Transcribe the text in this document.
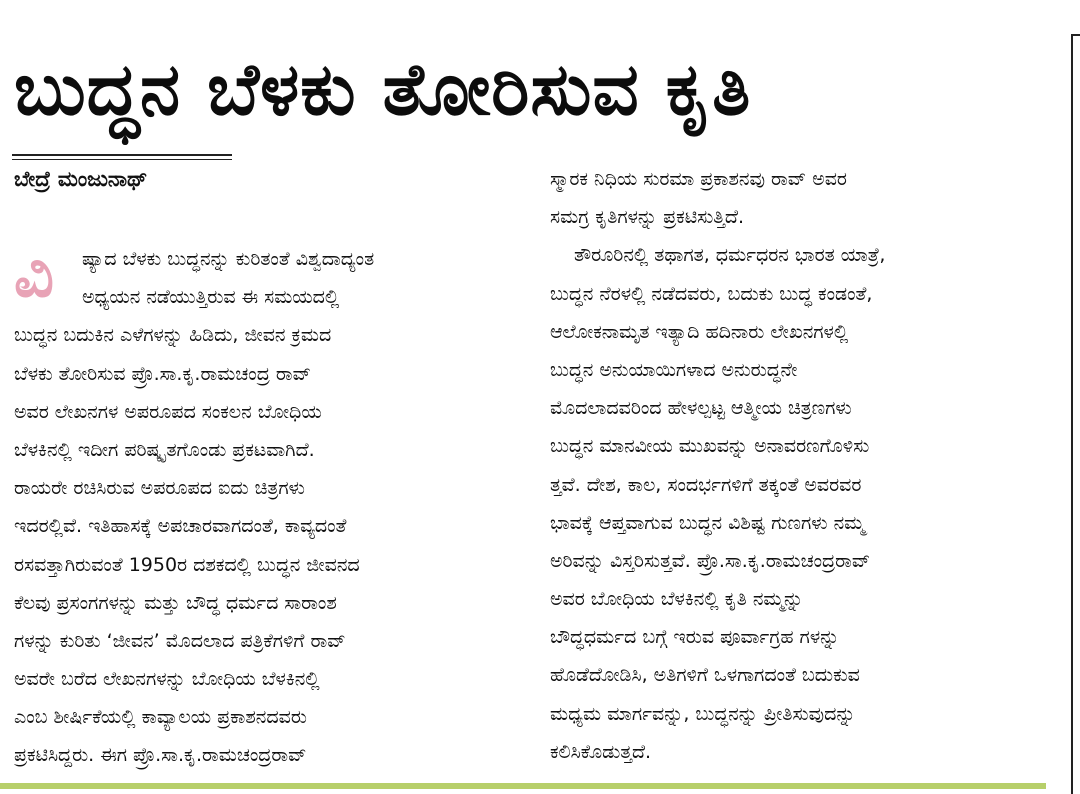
ಬುದ್ಧನ ಬೆಳಕು ತೋರಿಸುವ ಕೃತಿ
ಬೇದ್ರೆ ಮಂಜುನಾಥ್
ವಿ	ಷ್ಯಾದ ಬೆಳಕು ಬುದ್ಧನನ್ನು ಕುರಿತಂತೆ ವಿಶ್ವದಾದ್ಯಂತ
ಅಧ್ಯಯನ ನಡೆಯುತ್ತಿರುವ ಈ ಸಮಯದಲ್ಲಿ
ಬುದ್ಧನ ಬದುಕಿನ ಎಳೆಗಳನ್ನು ಹಿಡಿದು, ಜೀವನ ಕ್ರಮದ
ಬೆಳಕು ತೋರಿಸುವ ಪ್ರೊ.ಸಾ.ಕೃ.ರಾಮಚಂದ್ರ ರಾವ್
ಅವರ ಲೇಖನಗಳ ಅಪರೂಪದ ಸಂಕಲನ ಬೋಧಿಯ
ಬೆಳಕಿನಲ್ಲಿ ಇದೀಗ ಪರಿಷ್ಕೃತಗೊಂಡು ಪ್ರಕಟವಾಗಿದೆ.
ರಾಯರೇ ರಚಿಸಿರುವ ಅಪರೂಪದ ಐದು ಚಿತ್ರಗಳು
ಇದರಲ್ಲಿವೆ. ಇತಿಹಾಸಕ್ಕೆ ಅಪಚಾರವಾಗದಂತೆ, ಕಾವ್ಯದಂತೆ
ರಸವತ್ತಾಗಿರುವಂತೆ 1950ರ ದಶಕದಲ್ಲಿ ಬುದ್ಧನ ಜೀವನದ
ಕೆಲವು ಪ್ರಸಂಗಗಳನ್ನು ಮತ್ತು ಬೌದ್ಧ ಧರ್ಮದ ಸಾರಾಂಶ
ಗಳನ್ನು ಕುರಿತು ‘ಜೀವನ’ ಮೊದಲಾದ ಪತ್ರಿಕೆಗಳಿಗೆ ರಾವ್
ಅವರೇ ಬರೆದ ಲೇಖನಗಳನ್ನು ಬೋಧಿಯ ಬೆಳಕಿನಲ್ಲಿ
ಎಂಬ ಶೀರ್ಷಿಕೆಯಲ್ಲಿ ಕಾವ್ಯಾಲಯ ಪ್ರಕಾಶನದವರು
ಪ್ರಕಟಿಸಿದ್ದರು. ಈಗ ಪ್ರೊ.ಸಾ.ಕೃ.ರಾಮಚಂದ್ರರಾವ್
ಸ್ಮಾರಕ ನಿಧಿಯ ಸುರಮಾ ಪ್ರಕಾಶನವು ರಾವ್ ಅವರ
ಸಮಗ್ರ ಕೃತಿಗಳನ್ನು ಪ್ರಕಟಿಸುತ್ತಿದೆ.
ತೌರೂರಿನಲ್ಲಿ ತಥಾಗತ, ಧರ್ಮಧರನ ಭಾರತ ಯಾತ್ರೆ,
ಬುದ್ಧನ ನೆರಳಲ್ಲಿ ನಡೆದವರು, ಬದುಕು ಬುದ್ಧ ಕಂಡಂತೆ,
ಆಲೋಕನಾಮೃತ ಇತ್ಯಾದಿ ಹದಿನಾರು ಲೇಖನಗಳಲ್ಲಿ
ಬುದ್ಧನ ಅನುಯಾಯಿಗಳಾದ ಅನುರುದ್ಧನೇ
ಮೊದಲಾದವರಿಂದ ಹೇಳಲ್ಪಟ್ಟ ಆತ್ಮೀಯ ಚಿತ್ರಣಗಳು
ಬುದ್ಧನ ಮಾನವೀಯ ಮುಖವನ್ನು ಅನಾವರಣಗೊಳಿಸು
ತ್ತವೆ. ದೇಶ, ಕಾಲ, ಸಂದರ್ಭಗಳಿಗೆ ತಕ್ಕಂತೆ ಅವರವರ
ಭಾವಕ್ಕೆ ಆಪ್ತವಾಗುವ ಬುದ್ಧನ ವಿಶಿಷ್ಟ ಗುಣಗಳು ನಮ್ಮ
ಅರಿವನ್ನು ವಿಸ್ತರಿಸುತ್ತವೆ. ಪ್ರೊ.ಸಾ.ಕೃ.ರಾಮಚಂದ್ರರಾವ್
ಅವರ ಬೋಧಿಯ ಬೆಳಕಿನಲ್ಲಿ ಕೃತಿ ನಮ್ಮನ್ನು
ಬೌದ್ಧಧರ್ಮದ ಬಗ್ಗೆ ಇರುವ ಪೂರ್ವಾಗ್ರಹ ಗಳನ್ನು
ಹೊಡೆದೋಡಿಸಿ, ಅತಿಗಳಿಗೆ ಒಳಗಾಗದಂತೆ ಬದುಕುವ
ಮಧ್ಯಮ ಮಾರ್ಗವನ್ನು, ಬುದ್ಧನನ್ನು ಪ್ರೀತಿಸುವುದನ್ನು
ಕಲಿಸಿಕೊಡುತ್ತದೆ.
